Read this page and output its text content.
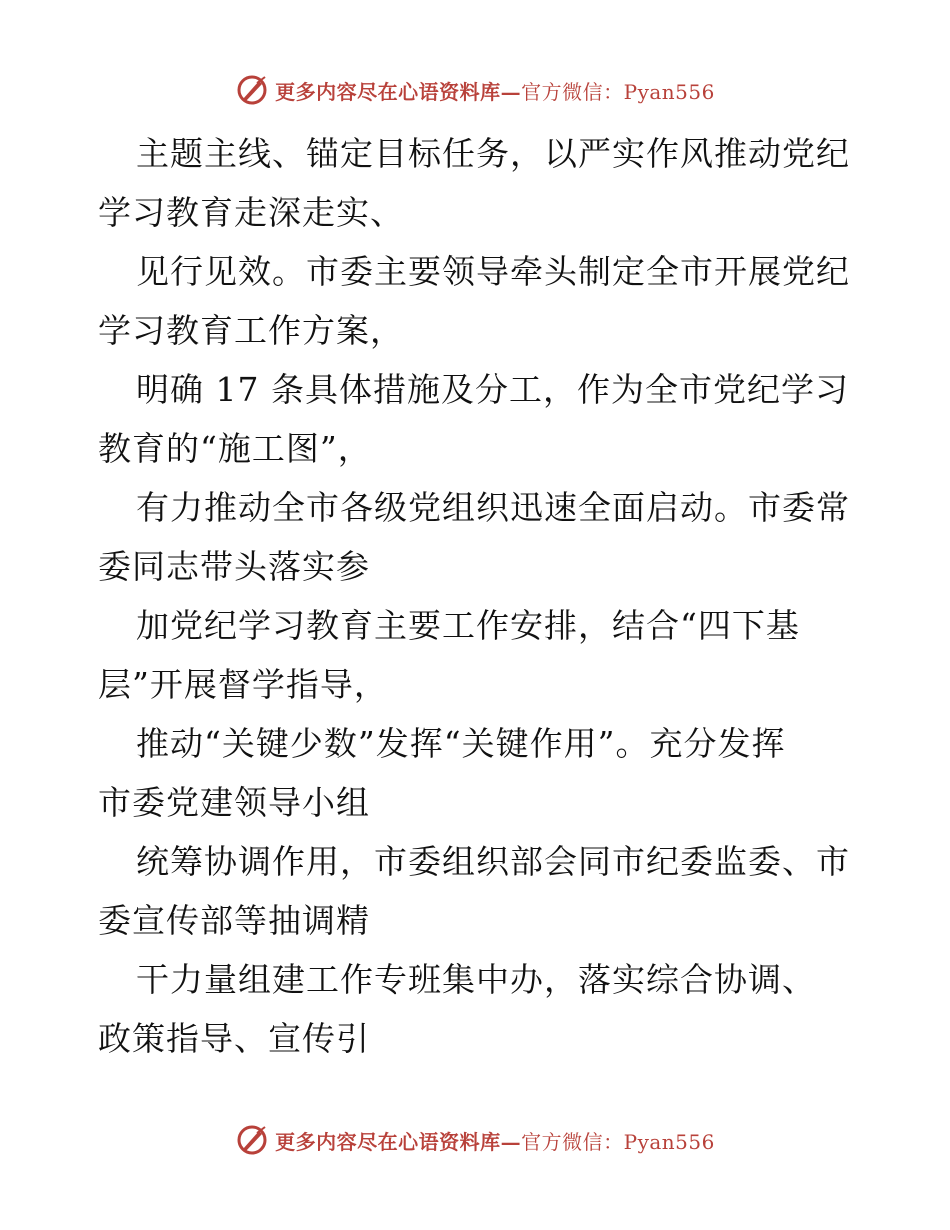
更多内容尽在心语资料库—官方微信：Pyan556
主题主线、锚定目标任务，以严实作风推动党纪
学习教育走深走实、
见行见效。市委主要领导牵头制定全市开展党纪
学习教育工作方案，
明确 17 条具体措施及分工，作为全市党纪学习
教育的“施工图”，
有力推动全市各级党组织迅速全面启动。市委常
委同志带头落实参
加党纪学习教育主要工作安排，结合“四下基
层”开展督学指导，
推动“关键少数”发挥“关键作用”。充分发挥
市委党建领导小组
统筹协调作用，市委组织部会同市纪委监委、市
委宣传部等抽调精
干力量组建工作专班集中办，落实综合协调、
政策指导、宣传引
更多内容尽在心语资料库—官方微信：Pyan556
